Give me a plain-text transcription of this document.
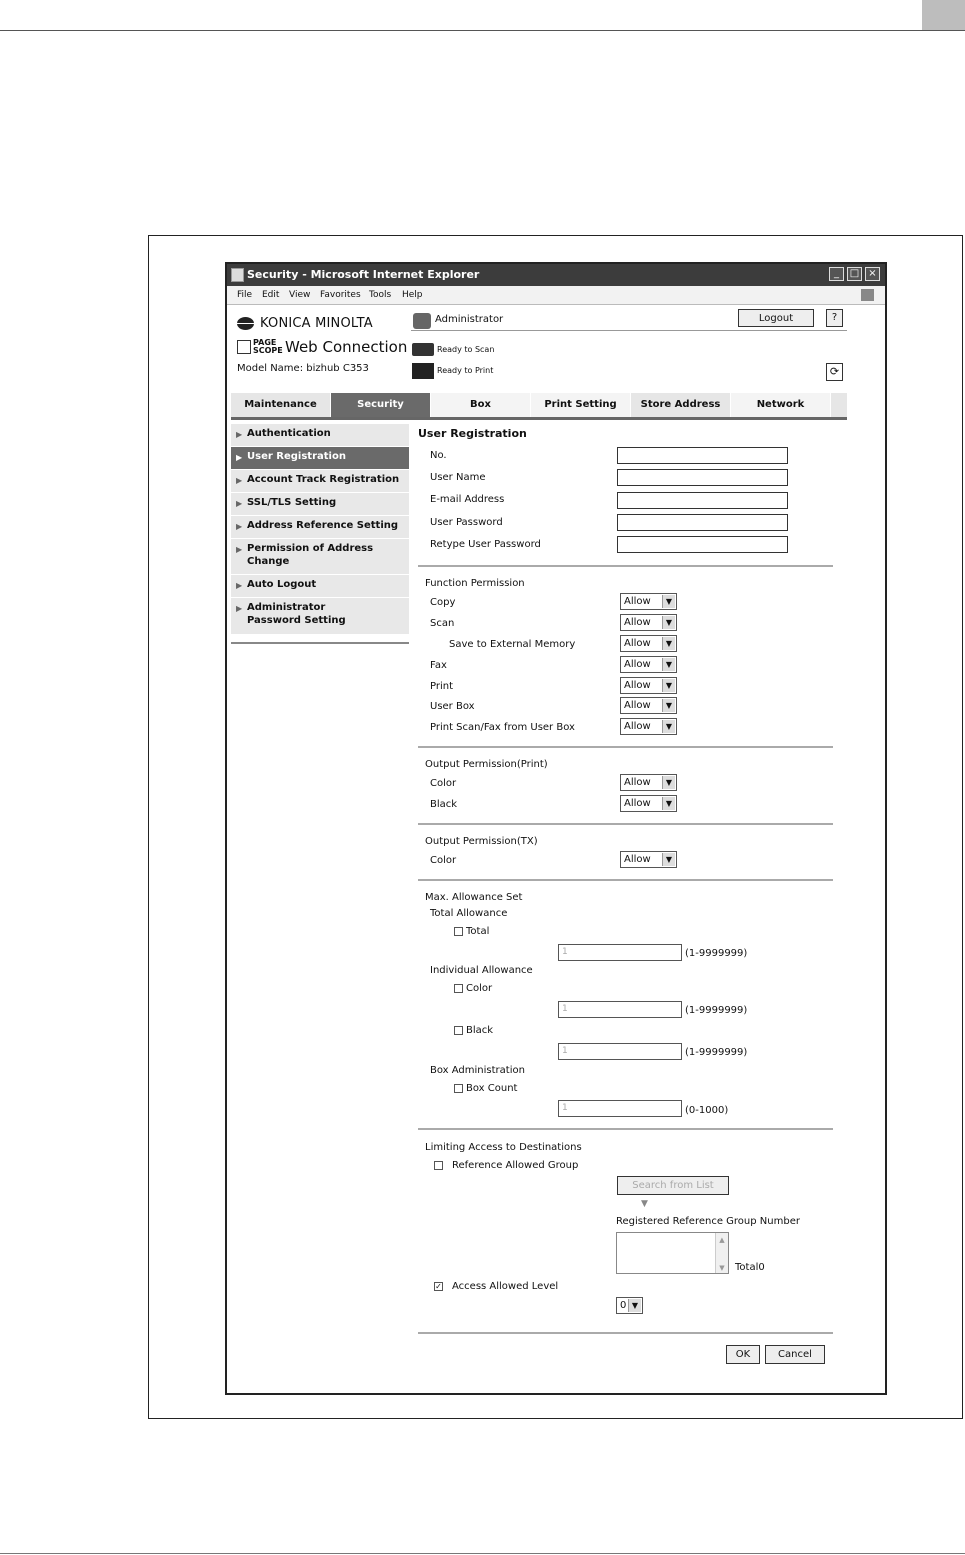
Security - Microsoft Internet Explorer	_	□ ×
File Edit View Favorites Tools Help
KONICA MINOLTA
PAGE
SCOPE Web Connection
Model Name: bizhub C353
Administrator	Logout	?
Ready to Scan
Ready to Print	⟳
Maintenance	Security	Box	Print Setting	Store Address	Network
▶ Authentication
▶ User Registration
▶ Account Track Registration
▶ SSL/TLS Setting
▶ Address Reference Setting
▶ Permission of Address Change
▶ Auto Logout
▶ Administrator Password Setting
User Registration
No.
User Name
E-mail Address
User Password
Retype User Password
Function Permission
Copy	Allow	▼
Scan	Allow	▼
Save to External Memory	Allow	▼
Fax	Allow	▼
Print	Allow	▼
User Box	Allow	▼
Print Scan/Fax from User Box	Allow	▼
Output Permission(Print)
Color	Allow	▼
Black	Allow	▼
Output Permission(TX)
Color	Allow	▼
Max. Allowance Set
Total Allowance
Total
1	(1-9999999)
Individual Allowance
Color
1	(1-9999999)
Black
1	(1-9999999)
Box Administration
Box Count
1	(0-1000)
Limiting Access to Destinations
Reference Allowed Group
Search from List
▼
Registered Reference Group Number
▲

▼	Total0
✓ Access Allowed Level
0 ▼
OK	Cancel
